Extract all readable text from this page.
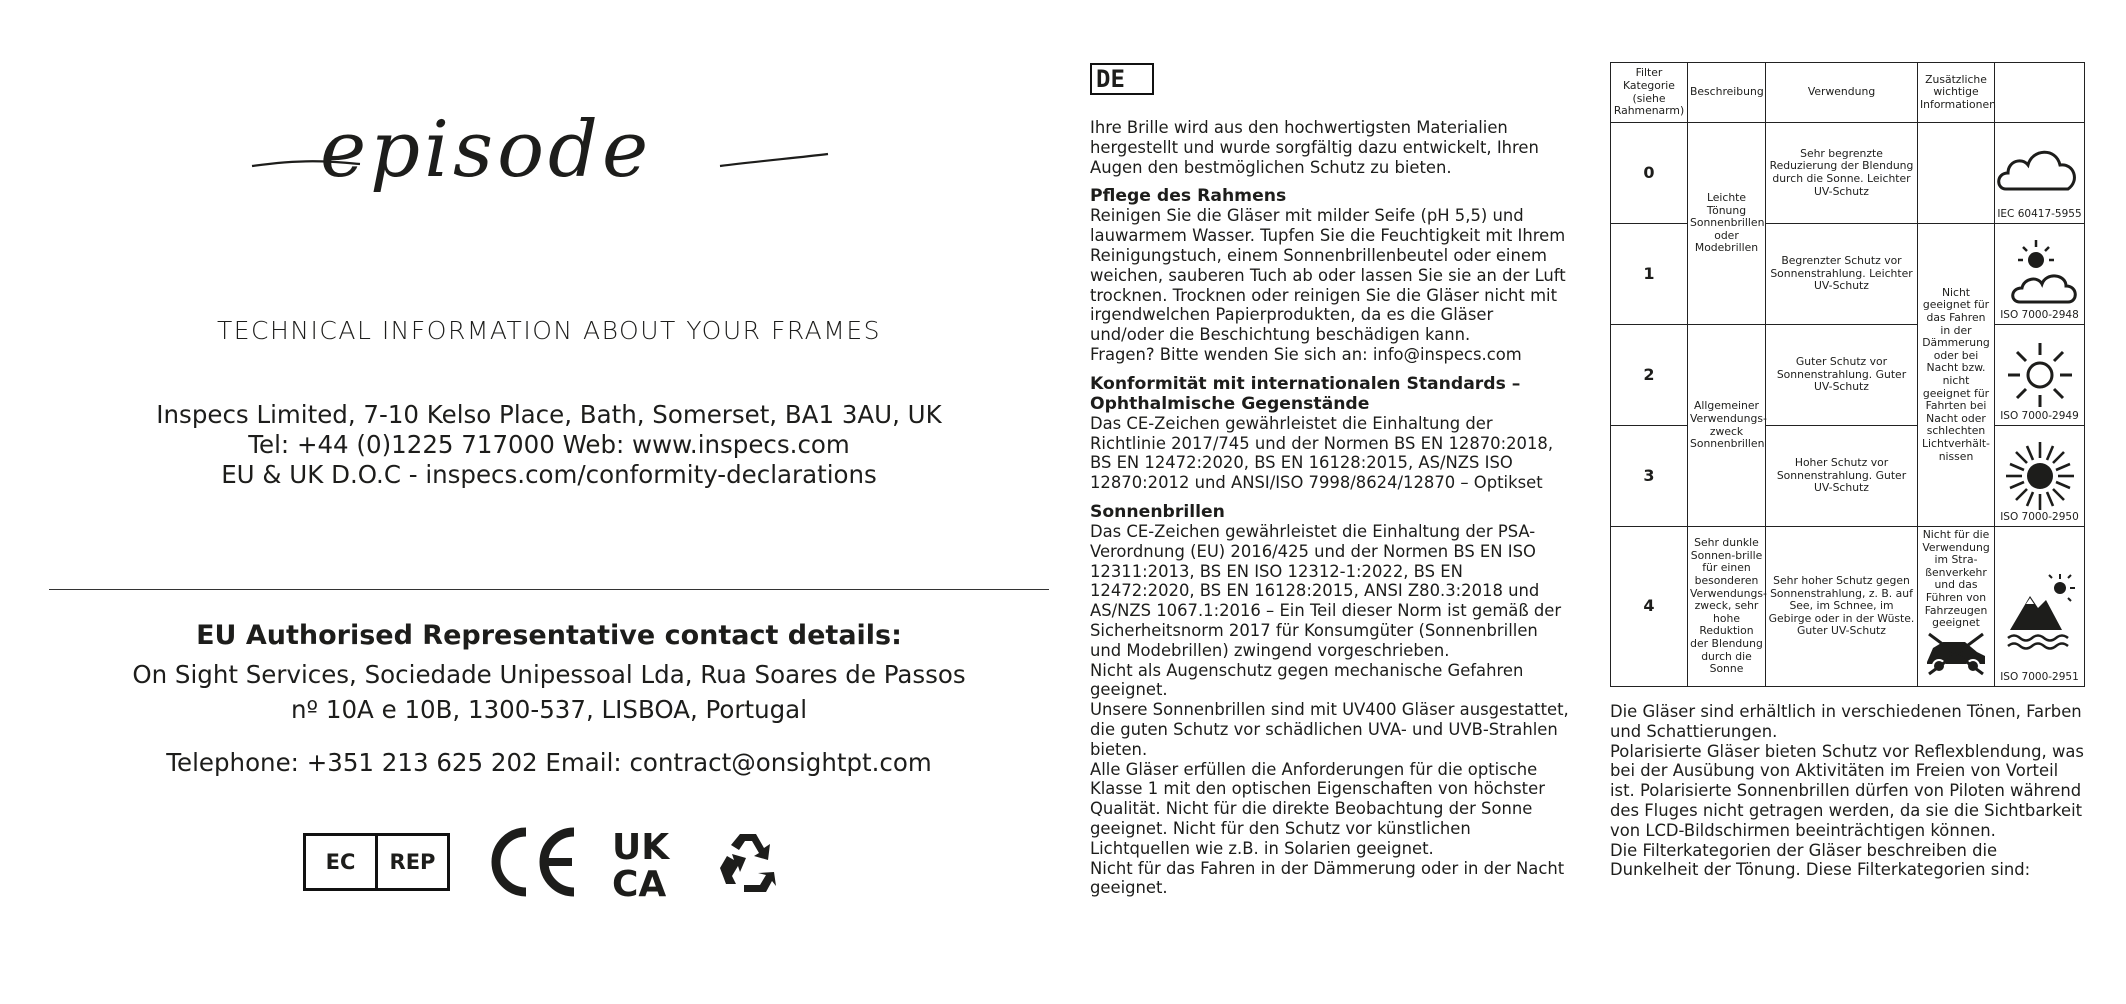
episode
TECHNICAL INFORMATION ABOUT YOUR FRAMES
Inspecs Limited, 7-10 Kelso Place, Bath, Somerset, BA1 3AU, UK
Tel: +44 (0)1225 717000 Web: www.inspecs.com
EU & UK D.O.C - inspecs.com/conformity-declarations
EU Authorised Representative contact details:
On Sight Services, Sociedade Unipessoal Lda, Rua Soares de Passos
nº 10A e 10B, 1300-537, LISBOA, Portugal
Telephone: +351 213 625 202 Email: contract@onsightpt.com
EC	REP	UK
CA
DE

Ihre Brille wird aus den hochwertigsten Materialien hergestellt und wurde sorgfältig dazu entwickelt, Ihren Augen den bestmöglichen Schutz zu bieten.

Pflege des Rahmens

Reinigen Sie die Gläser mit milder Seife (pH 5,5) und lauwarmem Wasser. Tupfen Sie die Feuchtigkeit mit Ihrem Reinigungstuch, einem Sonnenbrillenbeutel oder einem weichen, sauberen Tuch ab oder lassen Sie sie an der Luft trocknen. Trocknen oder reinigen Sie die Gläser nicht mit irgendwelchen Papierprodukten, da es die Gläser und/oder die Beschichtung beschädigen kann.

Fragen? Bitte wenden Sie sich an: info@inspecs.com

Konformität mit internationalen Standards – Ophthalmische Gegenstände

Das CE-Zeichen gewährleistet die Einhaltung der Richtlinie 2017/745 und der Normen BS EN 12870:2018, BS EN 12472:2020, BS EN 16128:2015, AS/NZS ISO 12870:2012 und ANSI/ISO 7998/8624/12870 – Optikset

Sonnenbrillen

Das CE-Zeichen gewährleistet die Einhaltung der PSA-Verordnung (EU) 2016/425 und der Normen BS EN ISO 12311:2013, BS EN ISO 12312-1:2022, BS EN 12472:2020, BS EN 16128:2015, ANSI Z80.3:2018 und AS/NZS 1067.1:2016 – Ein Teil dieser Norm ist gemäß der Sicherheitsnorm 2017 für Konsumgüter (Sonnenbrillen und Modebrillen) zwingend vorgeschrieben.

Nicht als Augenschutz gegen mechanische Gefahren geeignet.

Unsere Sonnenbrillen sind mit UV400 Gläser ausgestattet, die guten Schutz vor schädlichen UVA- und UVB-Strahlen bieten.

Alle Gläser erfüllen die Anforderungen für die optische Klasse 1 mit den optischen Eigenschaften von höchster Qualität. Nicht für die direkte Beobachtung der Sonne geeignet. Nicht für den Schutz vor künstlichen Lichtquellen wie z.B. in Solarien geeignet.

Nicht für das Fahren in der Dämmerung oder in der Nacht geeignet.

Filter Kategorie (siehe Rahmenarm)	Beschreibung	Verwendung	Zusätzliche wichtige Informationen	
0	Leichte Tönung Sonnenbrillen oder Modebrillen	Sehr begrenzte Reduzierung der Blendung durch die Sonne. Leichter UV-Schutz		IEC 60417-5955

1		Begrenzter Schutz vor Sonnenstrahlung. Leichter UV-Schutz	Nicht geeignet für das Fahren in der Dämmerung oder bei Nacht bzw. nicht geeignet für Fahrten bei Nacht oder schlechten Lichtverhält-nissen	ISO 7000-2948

2	Allgemeiner Verwendungs-zweck Sonnenbrillen	Guter Schutz vor Sonnenstrahlung. Guter UV-Schutz		ISO 7000-2949

3		Hoher Schutz vor Sonnenstrahlung. Guter UV-Schutz		ISO 7000-2950

4	Sehr dunkle Sonnen-brille für einen besonderen Verwendungs-zweck, sehr hohe Reduktion der Blendung durch die Sonne	Sehr hoher Schutz gegen Sonnenstrahlung, z. B. auf See, im Schnee, im Gebirge oder in der Wüste. Guter UV-Schutz	Nicht für die Verwendung im Stra-ßenverkehr und das Führen von Fahrzeugen geeignet	ISO 7000-2951

Die Gläser sind erhältlich in verschiedenen Tönen, Farben und Schattierungen.

Polarisierte Gläser bieten Schutz vor Reflexblendung, was bei der Ausübung von Aktivitäten im Freien von Vorteil ist. Polarisierte Sonnenbrillen dürfen von Piloten während des Fluges nicht getragen werden, da sie die Sichtbarkeit von LCD-Bildschirmen beeinträchtigen können.

Die Filterkategorien der Gläser beschreiben die Dunkelheit der Tönung. Diese Filterkategorien sind:
